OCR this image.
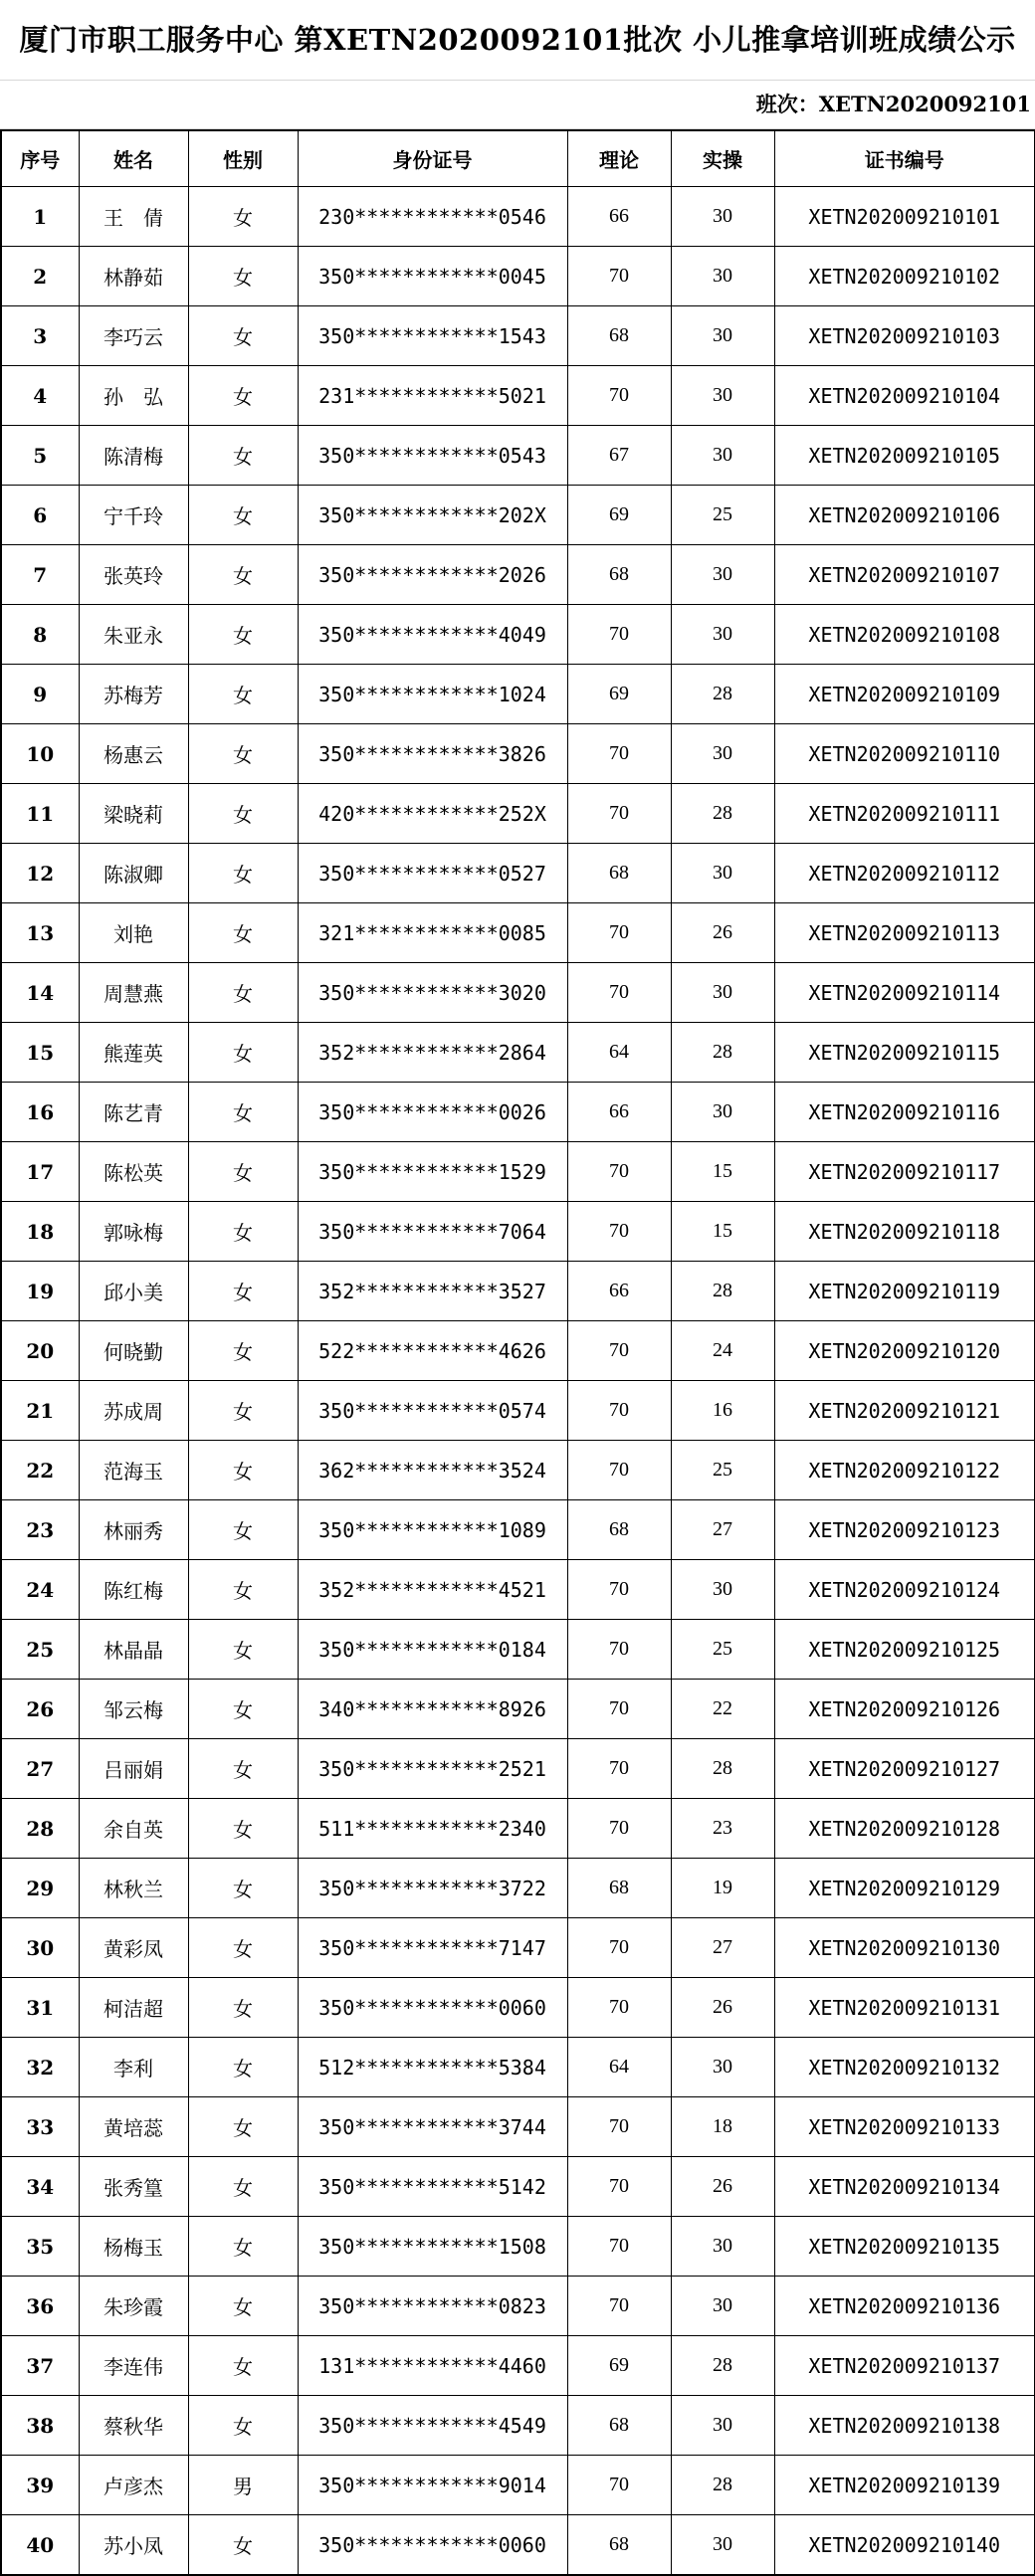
厦门市职工服务中心 第XETN2020092101批次 小儿推拿培训班成绩公示
班次：XETN2020092101
序号	姓名	性别	身份证号	理论	实操	证书编号
1	王　倩	女	230************0546	66	30	XETN202009210101
2	林静茹	女	350************0045	70	30	XETN202009210102
3	李巧云	女	350************1543	68	30	XETN202009210103
4	孙　弘	女	231************5021	70	30	XETN202009210104
5	陈清梅	女	350************0543	67	30	XETN202009210105
6	宁千玲	女	350************202X	69	25	XETN202009210106
7	张英玲	女	350************2026	68	30	XETN202009210107
8	朱亚永	女	350************4049	70	30	XETN202009210108
9	苏梅芳	女	350************1024	69	28	XETN202009210109
10	杨惠云	女	350************3826	70	30	XETN202009210110
11	梁晓莉	女	420************252X	70	28	XETN202009210111
12	陈淑卿	女	350************0527	68	30	XETN202009210112
13	刘艳	女	321************0085	70	26	XETN202009210113
14	周慧燕	女	350************3020	70	30	XETN202009210114
15	熊莲英	女	352************2864	64	28	XETN202009210115
16	陈艺青	女	350************0026	66	30	XETN202009210116
17	陈松英	女	350************1529	70	15	XETN202009210117
18	郭咏梅	女	350************7064	70	15	XETN202009210118
19	邱小美	女	352************3527	66	28	XETN202009210119
20	何晓勤	女	522************4626	70	24	XETN202009210120
21	苏成周	女	350************0574	70	16	XETN202009210121
22	范海玉	女	362************3524	70	25	XETN202009210122
23	林丽秀	女	350************1089	68	27	XETN202009210123
24	陈红梅	女	352************4521	70	30	XETN202009210124
25	林晶晶	女	350************0184	70	25	XETN202009210125
26	邹云梅	女	340************8926	70	22	XETN202009210126
27	吕丽娟	女	350************2521	70	28	XETN202009210127
28	余自英	女	511************2340	70	23	XETN202009210128
29	林秋兰	女	350************3722	68	19	XETN202009210129
30	黄彩凤	女	350************7147	70	27	XETN202009210130
31	柯洁超	女	350************0060	70	26	XETN202009210131
32	李利	女	512************5384	64	30	XETN202009210132
33	黄培蕊	女	350************3744	70	18	XETN202009210133
34	张秀篁	女	350************5142	70	26	XETN202009210134
35	杨梅玉	女	350************1508	70	30	XETN202009210135
36	朱珍霞	女	350************0823	70	30	XETN202009210136
37	李连伟	女	131************4460	69	28	XETN202009210137
38	蔡秋华	女	350************4549	68	30	XETN202009210138
39	卢彦杰	男	350************9014	70	28	XETN202009210139
40	苏小凤	女	350************0060	68	30	XETN202009210140
